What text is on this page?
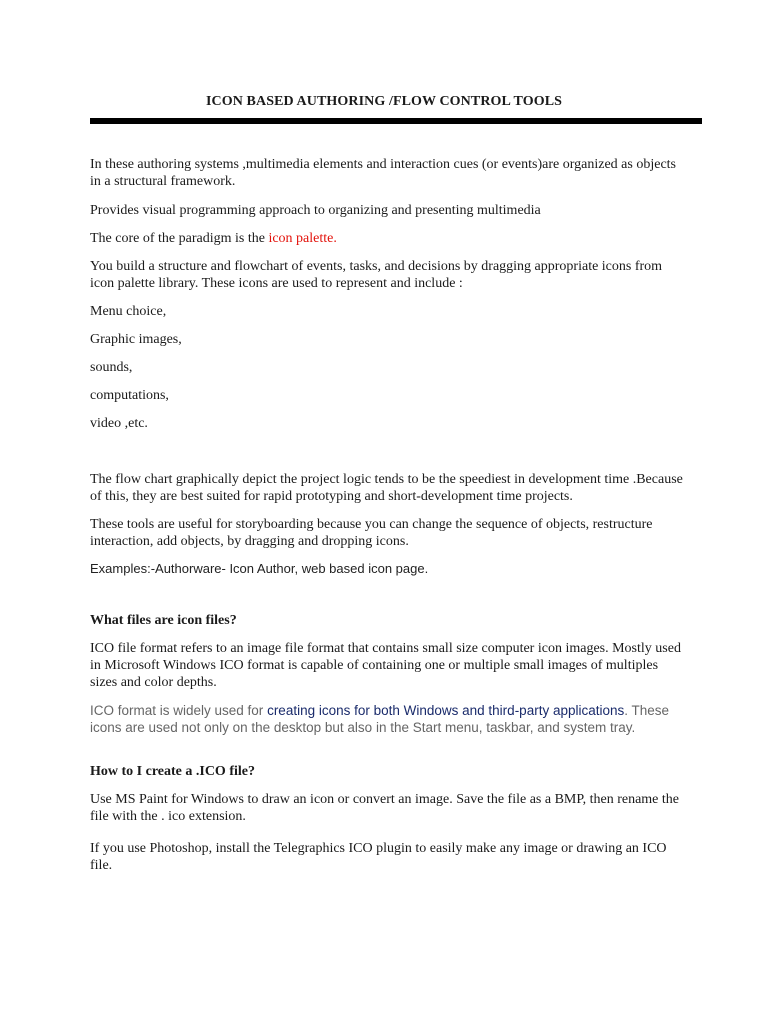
ICON BASED AUTHORING /FLOW CONTROL TOOLS

In these authoring systems ,multimedia elements and interaction cues (or events)are organized as objects in a structural framework.

Provides visual programming approach to organizing and presenting multimedia

The core of the paradigm is the icon palette.

You build a structure and flowchart of events, tasks, and decisions by dragging appropriate icons from icon palette library. These icons are used to represent and include :

Menu choice,

Graphic images,

sounds,

computations,

video ,etc.

The flow chart graphically depict the project logic tends to be the speediest in development time .Because of this, they are best suited for rapid prototyping and short-development time projects.

These tools are useful for storyboarding because you can change the sequence of objects, restructure interaction, add objects, by dragging and dropping icons.

Examples:-Authorware- Icon Author, web based icon page.

What files are icon files?

ICO file format refers to an image file format that contains small size computer icon images. Mostly used in Microsoft Windows ICO format is capable of containing one or multiple small images of multiples sizes and color depths.

ICO format is widely used for creating icons for both Windows and third-party applications. These icons are used not only on the desktop but also in the Start menu, taskbar, and system tray.

How to I create a .ICO file?

Use MS Paint for Windows to draw an icon or convert an image. Save the file as a BMP, then rename the file with the . ico extension.

If you use Photoshop, install the Telegraphics ICO plugin to easily make any image or drawing an ICO file.
